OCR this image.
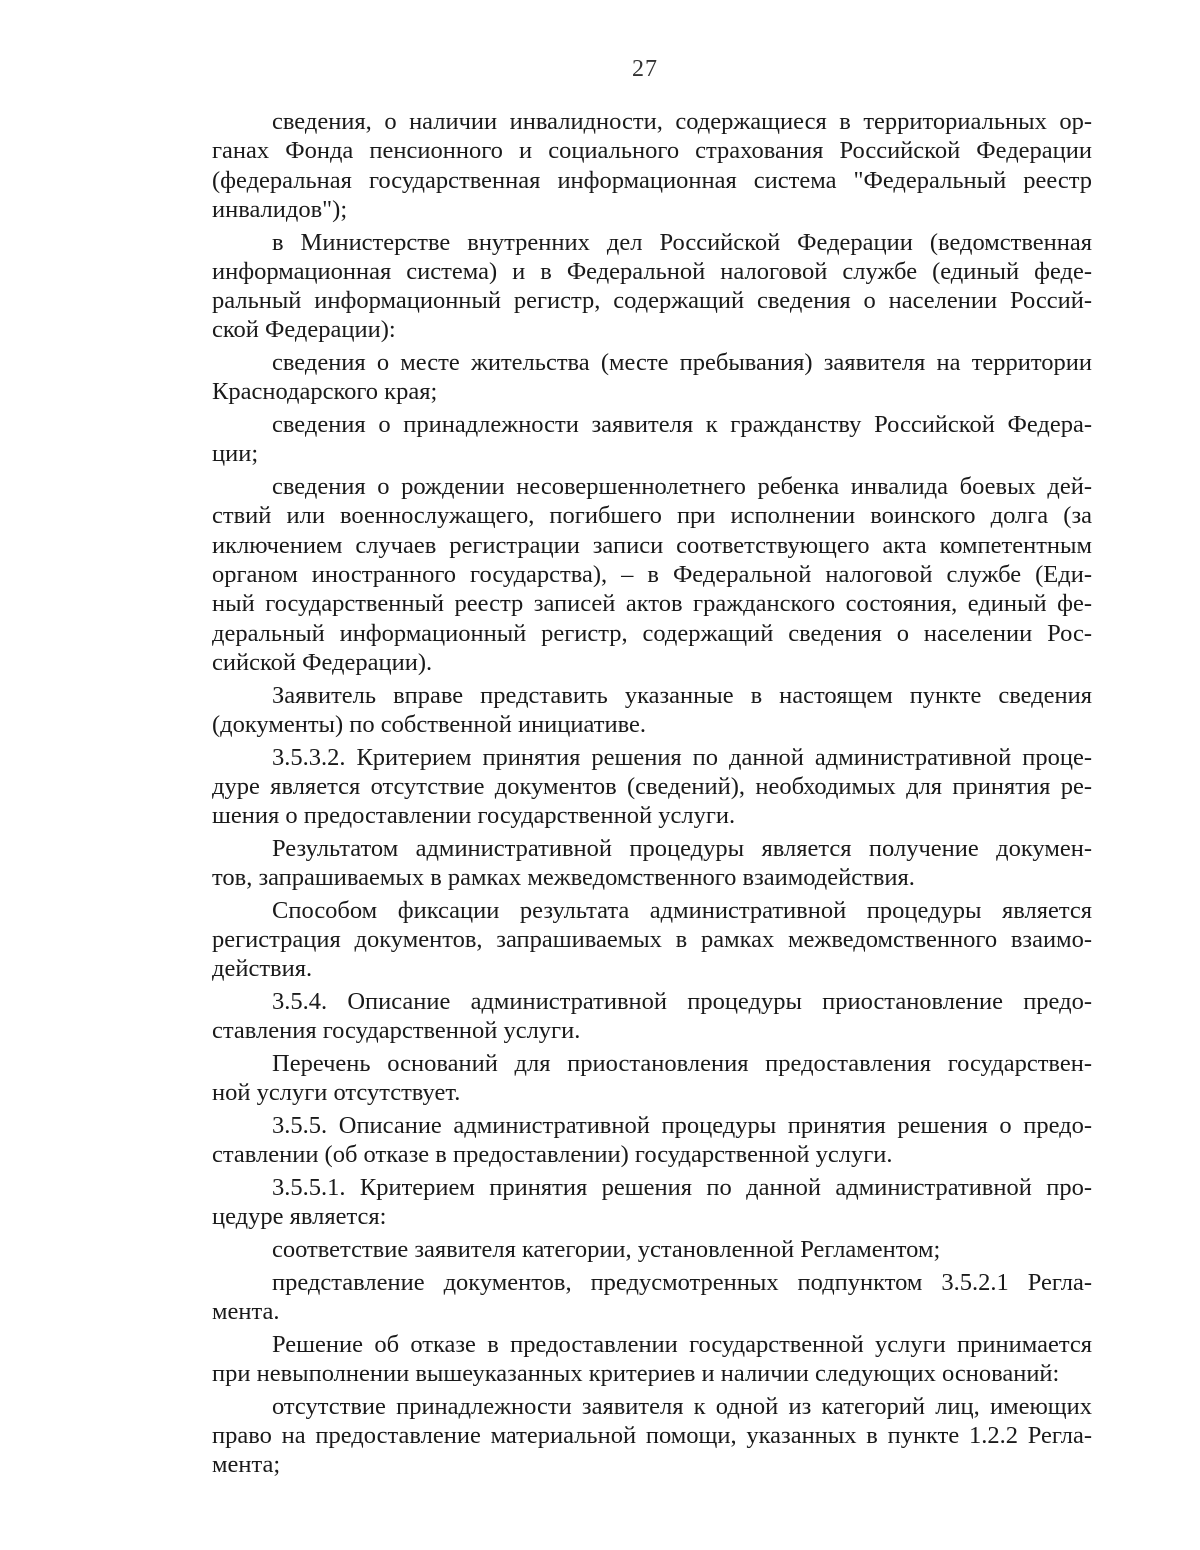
27
сведения, о наличии инвалидности, содержащиеся в территориальных ор-
ганах Фонда пенсионного и социального страхования Российской Федерации
(федеральная государственная информационная система "Федеральный реестр
инвалидов");
в Министерстве внутренних дел Российской Федерации (ведомственная
информационная система) и в Федеральной налоговой службе (единый феде-
ральный информационный регистр, содержащий сведения о населении Россий-
ской Федерации):
сведения о месте жительства (месте пребывания) заявителя на территории
Краснодарского края;
сведения о принадлежности заявителя к гражданству Российской Федера-
ции;
сведения о рождении несовершеннолетнего ребенка инвалида боевых дей-
ствий или военнослужащего, погибшего при исполнении воинского долга (за
иключением случаев регистрации записи соответствующего акта компетентным
органом иностранного государства), – в Федеральной налоговой службе (Еди-
ный государственный реестр записей актов гражданского состояния, единый фе-
деральный информационный регистр, содержащий сведения о населении Рос-
сийской Федерации).
Заявитель вправе представить указанные в настоящем пункте сведения
(документы) по собственной инициативе.
3.5.3.2. Критерием принятия решения по данной административной проце-
дуре является отсутствие документов (сведений), необходимых для принятия ре-
шения о предоставлении государственной услуги.
Результатом административной процедуры является получение докумен-
тов, запрашиваемых в рамках межведомственного взаимодействия.
Способом фиксации результата административной процедуры является
регистрация документов, запрашиваемых в рамках межведомственного взаимо-
действия.
3.5.4. Описание административной процедуры приостановление предо-
ставления государственной услуги.
Перечень оснований для приостановления предоставления государствен-
ной услуги отсутствует.
3.5.5. Описание административной процедуры принятия решения о предо-
ставлении (об отказе в предоставлении) государственной услуги.
3.5.5.1. Критерием принятия решения по данной административной про-
цедуре является:
соответствие заявителя категории, установленной Регламентом;
представление документов, предусмотренных подпунктом 3.5.2.1 Регла-
мента.
Решение об отказе в предоставлении государственной услуги принимается
при невыполнении вышеуказанных критериев и наличии следующих оснований:
отсутствие принадлежности заявителя к одной из категорий лиц, имеющих
право на предоставление материальной помощи, указанных в пункте 1.2.2 Регла-
мента;
